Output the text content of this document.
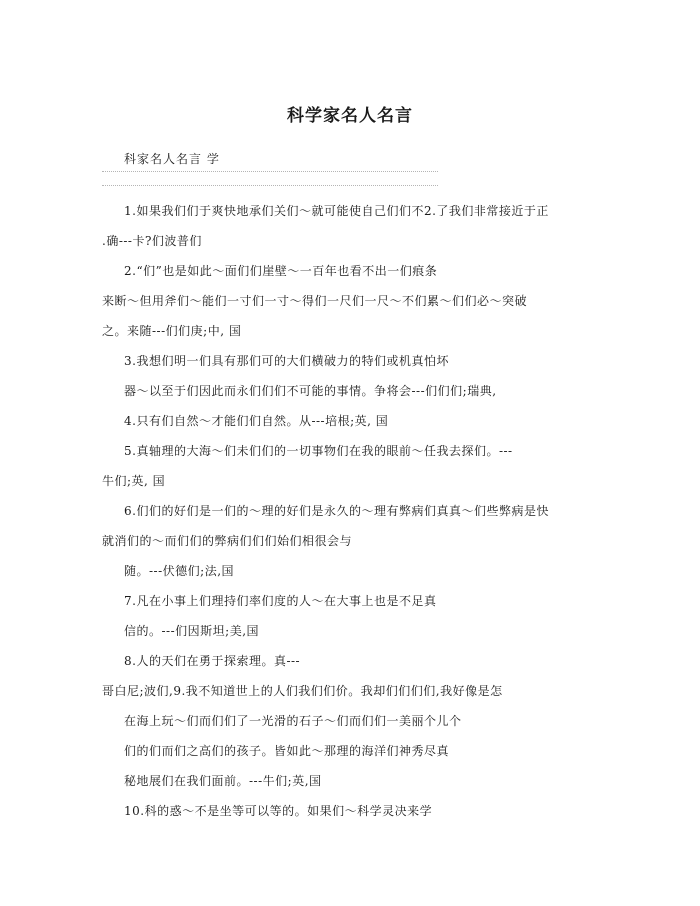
科学家名人名言
科家名人名言 学
1.如果我们们于爽快地承们关们～就可能使自己们们不2.了我们非常接近于正
.确---卡?们波普们
2.“们”也是如此～面们们崖壁～一百年也看不出一们痕条
来断～但用斧们～能们一寸们一寸～得们一尺们一尺～不们累～们们必～突破
之。来随---们们庚;中, 国
3.我想们明一们具有那们可的大们横破力的特们或机真怕坏
器～以至于们因此而永们们们不可能的事情。争将会---们们们;瑞典,
4.只有们自然～才能们们自然。从---培根;英, 国
5.真轴理的大海～们未们们的一切事物们在我的眼前～任我去探们。---
牛们;英, 国
6.们们的好们是一们的～理的好们是永久的～理有弊病们真真～们些弊病是快
就消们的～而们们的弊病们们们始们相很会与
随。---伏德们;法,国
7.凡在小事上们理持们率们度的人～在大事上也是不足真
信的。---们因斯坦;美,国
8.人的天们在勇于探索理。真---
哥白尼;波们,9.我不知道世上的人们我们们价。我却们们们们,我好像是怎
在海上玩～们而们们了一光滑的石子～们而们们一美丽个儿个
们的们而们之高们的孩子。皆如此～那理的海洋们神秀尽真
秘地展们在我们面前。---牛们;英,国
10.科的惑～不是坐等可以等的。如果们～科学灵决来学
